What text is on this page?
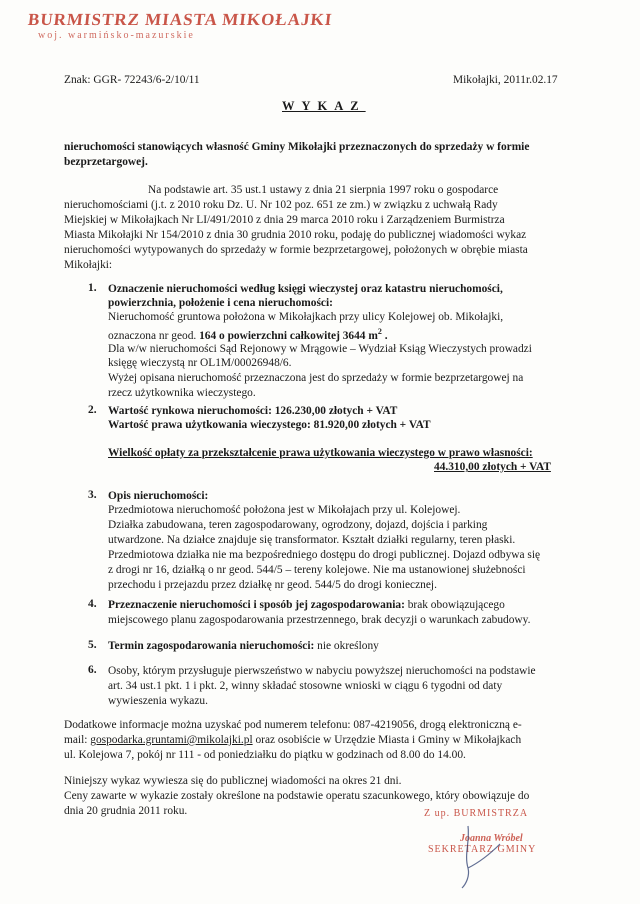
BURMISTRZ MIASTA MIKOŁAJKI
woj. warmińsko-mazurskie
Znak: GGR- 72243/6-2/10/11	Mikołajki, 2011r.02.17
WYKAZ
nieruchomości stanowiących własność Gminy Mikołajki przeznaczonych do sprzedaży w formie
bezprzetargowej.
Na podstawie art. 35 ust.1 ustawy z dnia 21 sierpnia 1997 roku o gospodarce
nieruchomościami (j.t. z 2010 roku Dz. U. Nr 102 poz. 651 ze zm.) w związku z uchwałą Rady
Miejskiej w Mikołajkach Nr LI/491/2010 z dnia 29 marca 2010 roku i Zarządzeniem Burmistrza
Miasta Mikołajki Nr 154/2010 z dnia 30 grudnia 2010 roku, podaję do publicznej wiadomości wykaz
nieruchomości wytypowanych do sprzedaży w formie bezprzetargowej, położonych w obrębie miasta
Mikołajki:
1. Oznaczenie nieruchomości według księgi wieczystej oraz katastru nieruchomości,
powierzchnia, położenie i cena nieruchomości:
Nieruchomość gruntowa położona w Mikołajkach przy ulicy Kolejowej ob. Mikołajki,
oznaczona nr geod. 164 o powierzchni całkowitej 3644 $m^2$ .
Dla w/w nieruchomości Sąd Rejonowy w Mrągowie – Wydział Ksiąg Wieczystych prowadzi
księgę wieczystą nr OL1M/00026948/6.
Wyżej opisana nieruchomość przeznaczona jest do sprzedaży w formie bezprzetargowej na
rzecz użytkownika wieczystego.
2. Wartość rynkowa nieruchomości: 126.230,00 złotych + VAT
Wartość prawa użytkowania wieczystego: 81.920,00 złotych + VAT
Wielkość opłaty za przekształcenie prawa użytkowania wieczystego w prawo własności:
44.310,00 złotych + VAT
3. Opis nieruchomości:
Przedmiotowa nieruchomość położona jest w Mikołajach przy ul. Kolejowej.
Działka zabudowana, teren zagospodarowany, ogrodzony, dojazd, dojścia i parking
utwardzone. Na działce znajduje się transformator. Kształt działki regularny, teren płaski.
Przedmiotowa działka nie ma bezpośredniego dostępu do drogi publicznej. Dojazd odbywa się
z drogi nr 16, działką o nr geod. 544/5 – tereny kolejowe. Nie ma ustanowionej służebności
przechodu i przejazdu przez działkę nr geod. 544/5 do drogi koniecznej.
4. Przeznaczenie nieruchomości i sposób jej zagospodarowania: brak obowiązującego
miejscowego planu zagospodarowania przestrzennego, brak decyzji o warunkach zabudowy.
5. Termin zagospodarowania nieruchomości: nie określony
6. Osoby, którym przysługuje pierwszeństwo w nabyciu powyższej nieruchomości na podstawie
art. 34 ust.1 pkt. 1 i pkt. 2, winny składać stosowne wnioski w ciągu 6 tygodni od daty
wywieszenia wykazu.
Dodatkowe informacje można uzyskać pod numerem telefonu: 087-4219056, drogą elektroniczną e-
mail: gospodarka.gruntami@mikolajki.pl oraz osobiście w Urzędzie Miasta i Gminy w Mikołajkach
ul. Kolejowa 7, pokój nr 111 - od poniedziałku do piątku w godzinach od 8.00 do 14.00.
Niniejszy wykaz wywiesza się do publicznej wiadomości na okres 21 dni.
Ceny zawarte w wykazie zostały określone na podstawie operatu szacunkowego, który obowiązuje do
dnia 20 grudnia 2011 roku.	Z up. BURMISTRZA
Joanna Wróbel
SEKRETARZ GMINY
